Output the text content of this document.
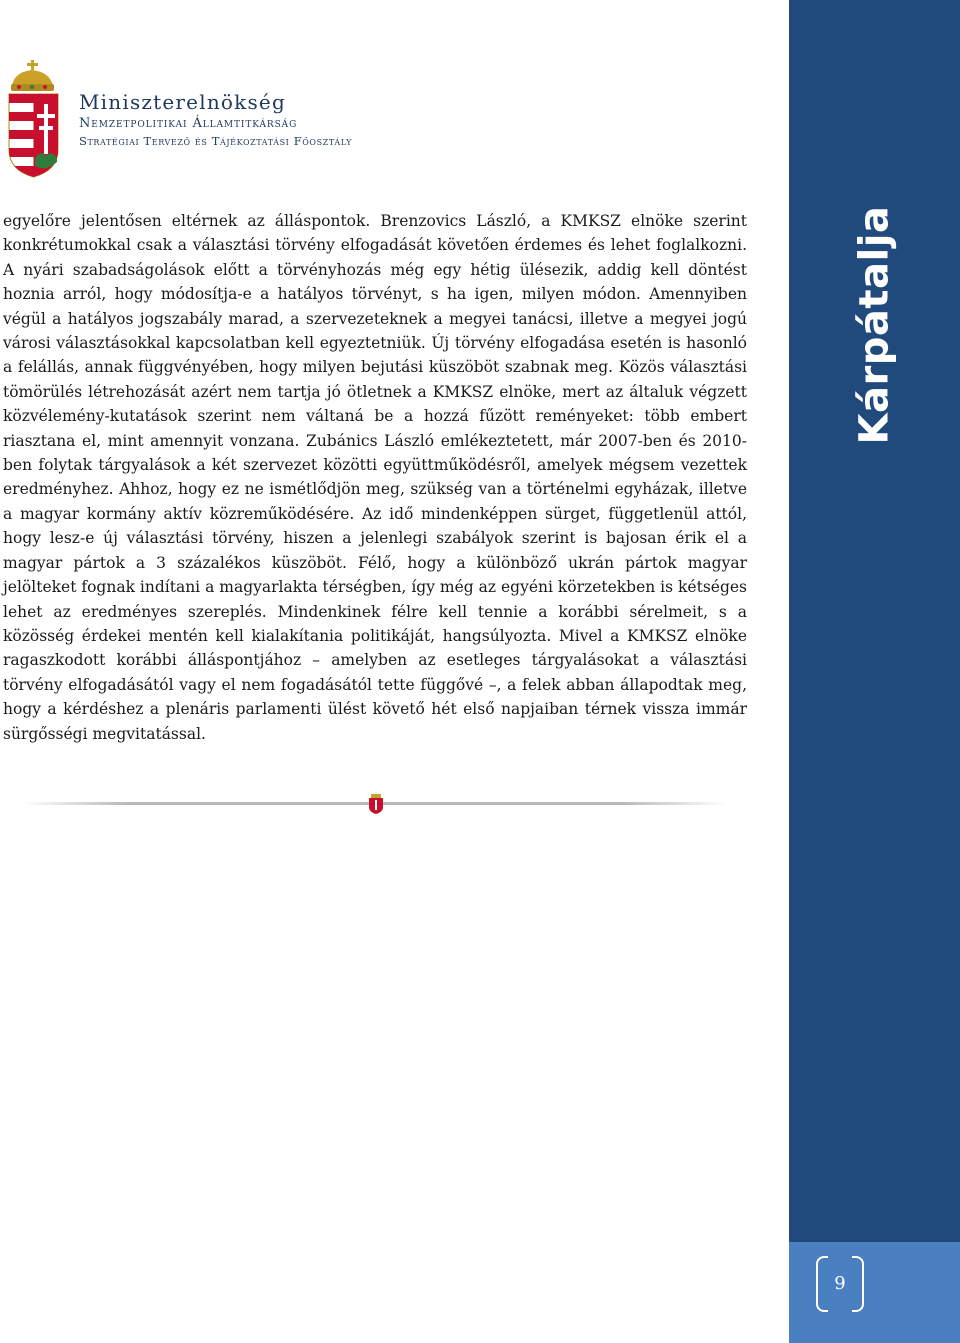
Kárpátalja
9
Miniszterelnökség
Nemzetpolitikai Államtitkárság
Stratégiai Tervező és Tájékoztatási Főosztály

egyelőre jelentősen eltérnek az álláspontok. Brenzovics László, a KMKSZ elnöke szerint konkrétumokkal csak a választási törvény elfogadását követően érdemes és lehet foglalkozni. A nyári szabadságolások előtt a törvényhozás még egy hétig ülésezik, addig kell döntést hoznia arról, hogy módosítja-e a hatályos törvényt, s ha igen, milyen módon. Amennyiben végül a hatályos jogszabály marad, a szervezeteknek a megyei tanácsi, illetve a megyei jogú városi választásokkal kapcsolatban kell egyeztetniük. Új törvény elfogadása esetén is hasonló a felállás, annak függvényében, hogy milyen bejutási küszöböt szabnak meg. Közös választási tömörülés létrehozását azért nem tartja jó ötletnek a KMKSZ elnöke, mert az általuk végzett közvélemény-kutatások szerint nem váltaná be a hozzá fűzött reményeket: több embert riasztana el, mint amennyit vonzana. Zubánics László emlékeztetett, már 2007-ben és 2010-ben folytak tárgyalások a két szervezet közötti együttműködésről, amelyek mégsem vezettek eredményhez. Ahhoz, hogy ez ne ismétlődjön meg, szükség van a történelmi egyházak, illetve a magyar kormány aktív közreműködésére. Az idő mindenképpen sürget, függetlenül attól, hogy lesz-e új választási törvény, hiszen a jelenlegi szabályok szerint is bajosan érik el a magyar pártok a 3 százalékos küszöböt. Félő, hogy a különböző ukrán pártok magyar jelölteket fognak indítani a magyarlakta térségben, így még az egyéni körzetekben is kétséges lehet az eredményes szereplés. Mindenkinek félre kell tennie a korábbi sérelmeit, s a közösség érdekei mentén kell kialakítania politikáját, hangsúlyozta. Mivel a KMKSZ elnöke ragaszkodott korábbi álláspontjához – amelyben az esetleges tárgyalásokat a választási törvény elfogadásától vagy el nem fogadásától tette függővé –, a felek abban állapodtak meg, hogy a kérdéshez a plenáris parlamenti ülést követő hét első napjaiban térnek vissza immár sürgősségi megvitatással.
